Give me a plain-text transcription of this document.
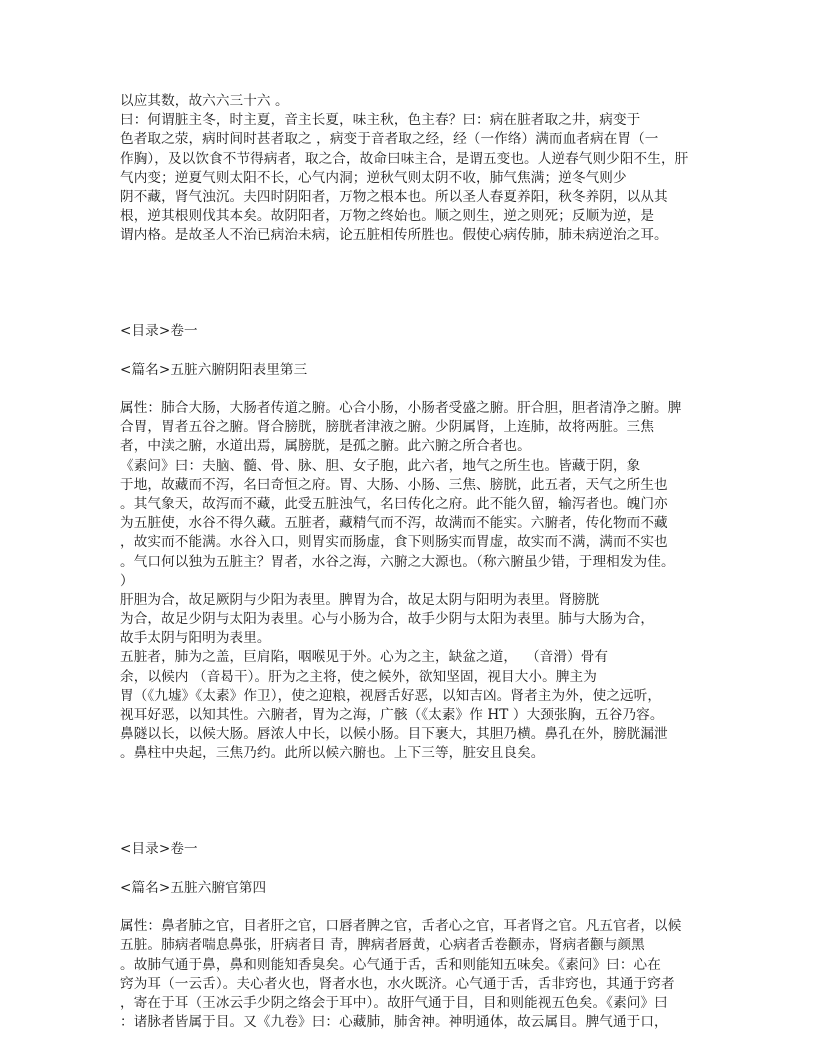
以应其数，故六六三十六 。
曰：何谓脏主冬，时主夏，音主长夏，味主秋，色主春？曰：病在脏者取之井，病变于
色者取之荥，病时间时甚者取之 ，病变于音者取之经，经（一作络）满而血者病在胃（一
作胸），及以饮食不节得病者，取之合，故命曰味主合，是谓五变也。人逆春气则少阳不生，肝
气内变；逆夏气则太阳不长，心气内洞；逆秋气则太阴不收，肺气焦满；逆冬气则少
阴不藏，肾气浊沉。夫四时阴阳者，万物之根本也。所以圣人春夏养阳，秋冬养阴，以从其
根，逆其根则伐其本矣。故阴阳者，万物之终始也。顺之则生，逆之则死；反顺为逆，是
谓内格。是故圣人不治已病治未病，论五脏相传所胜也。假使心病传肺，肺未病逆治之耳。
<目录>卷一
<篇名>五脏六腑阴阳表里第三
属性：肺合大肠，大肠者传道之腑。心合小肠，小肠者受盛之腑。肝合胆，胆者清净之腑。脾
合胃，胃者五谷之腑。肾合膀胱，膀胱者津液之腑。少阴属肾，上连肺，故将两脏。三焦
者，中渎之腑，水道出焉，属膀胱，是孤之腑。此六腑之所合者也。
《素问》曰：夫脑、髓、骨、脉、胆、女子胞，此六者，地气之所生也。皆藏于阴，象
于地，故藏而不泻，名曰奇恒之府。胃、大肠、小肠、三焦、膀胱，此五者，天气之所生也
。其气象天，故泻而不藏，此受五脏浊气，名曰传化之府。此不能久留，输泻者也。魄门亦
为五脏使，水谷不得久藏。五脏者，藏精气而不泻，故满而不能实。六腑者，传化物而不藏
，故实而不能满。水谷入口，则胃实而肠虚，食下则肠实而胃虚，故实而不满，满而不实也
。气口何以独为五脏主？胃者，水谷之海，六腑之大源也。（称六腑虽少错，于理相发为佳。
）
肝胆为合，故足厥阴与少阳为表里。脾胃为合，故足太阴与阳明为表里。肾膀胱
为合，故足少阴与太阳为表里。心与小肠为合，故手少阴与太阳为表里。肺与大肠为合，
故手太阴与阳明为表里。
五脏者，肺为之盖，巨肩陷，咽喉见于外。心为之主，缺盆之道，  （音滑）骨有
余，以候内 （音曷干）。肝为之主将，使之候外，欲知坚固，视目大小。脾主为
胃（《九墟》《太素》作卫），使之迎粮，视唇舌好恶，以知吉凶。肾者主为外，使之远听，
视耳好恶，以知其性。六腑者，胃为之海，广骸（《太素》作 HT ）大颈张胸，五谷乃容。
鼻隧以长，以候大肠。唇浓人中长，以候小肠。目下裹大，其胆乃横。鼻孔在外，膀胱漏泄
。鼻柱中央起，三焦乃约。此所以候六腑也。上下三等，脏安且良矣。
<目录>卷一
<篇名>五脏六腑官第四
属性：鼻者肺之官，目者肝之官，口唇者脾之官，舌者心之官，耳者肾之官。凡五官者，以候
五脏。肺病者喘息鼻张，肝病者目 青，脾病者唇黄，心病者舌卷颧赤，肾病者颧与颜黑
。故肺气通于鼻，鼻和则能知香臭矣。心气通于舌，舌和则能知五味矣。《素问》曰：心在
窍为耳（一云舌）。夫心者火也，肾者水也，水火既济。心气通于舌，舌非窍也，其通于窍者
，寄在于耳（王冰云手少阴之络会于耳中）。故肝气通于目，目和则能视五色矣。《素问》曰
：诸脉者皆属于目。又《九卷》曰：心藏肺，肺舍神。神明通体，故云属目。脾气通于口，
